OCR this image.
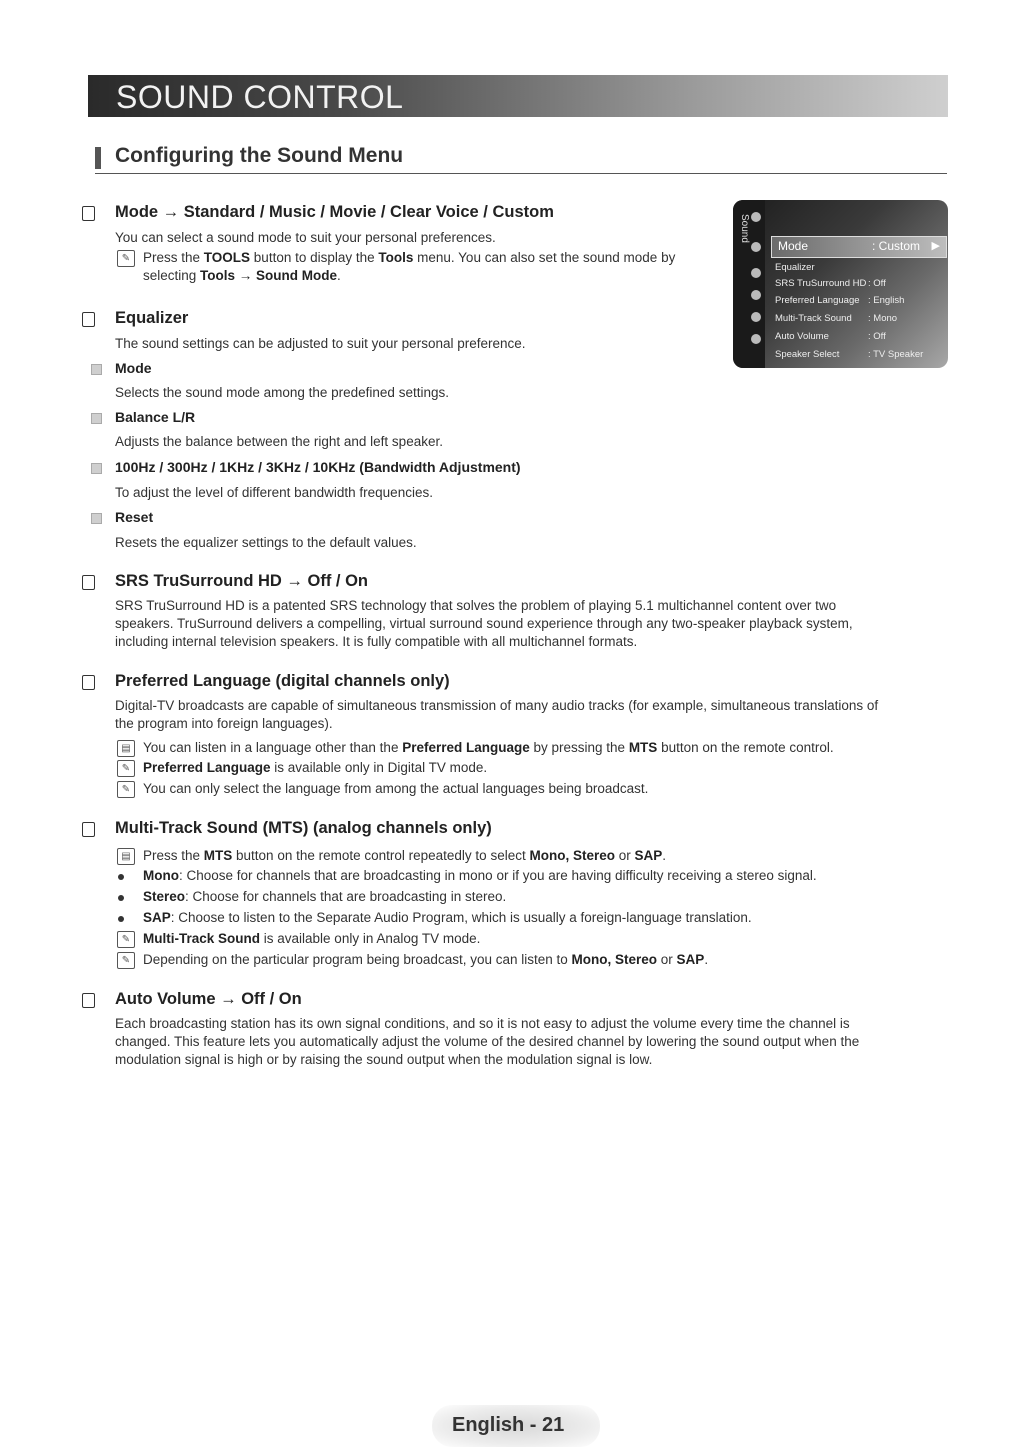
SOUND CONTROL
Configuring the Sound Menu
Mode → Standard / Music / Movie / Clear Voice / Custom
You can select a sound mode to suit your personal preferences.
✎ Press the TOOLS button to display the Tools menu. You can also set the sound mode by
selecting Tools → Sound Mode.
Equalizer
The sound settings can be adjusted to suit your personal preference.
Mode
Selects the sound mode among the predefined settings.
Balance L/R
Adjusts the balance between the right and left speaker.
100Hz / 300Hz / 1KHz / 3KHz / 10KHz (Bandwidth Adjustment)
To adjust the level of different bandwidth frequencies.
Reset
Resets the equalizer settings to the default values.
SRS TruSurround HD → Off / On
SRS TruSurround HD is a patented SRS technology that solves the problem of playing 5.1 multichannel content over two
speakers. TruSurround delivers a compelling, virtual surround sound experience through any two-speaker playback system,
including internal television speakers. It is fully compatible with all multichannel formats.
Preferred Language (digital channels only)
Digital-TV broadcasts are capable of simultaneous transmission of many audio tracks (for example, simultaneous translations of
the program into foreign languages).
▤ You can listen in a language other than the Preferred Language by pressing the MTS button on the remote control.
✎ Preferred Language is available only in Digital TV mode.
✎ You can only select the language from among the actual languages being broadcast.
Multi-Track Sound (MTS) (analog channels only)
▤ Press the MTS button on the remote control repeatedly to select Mono, Stereo or SAP.
Mono: Choose for channels that are broadcasting in mono or if you are having difficulty receiving a stereo signal.
Stereo: Choose for channels that are broadcasting in stereo.
SAP: Choose to listen to the Separate Audio Program, which is usually a foreign-language translation.
✎ Multi-Track Sound is available only in Analog TV mode.
✎ Depending on the particular program being broadcast, you can listen to Mono, Stereo or SAP.
Auto Volume → Off / On
Each broadcasting station has its own signal conditions, and so it is not easy to adjust the volume every time the channel is
changed. This feature lets you automatically adjust the volume of the desired channel by lowering the sound output when the
modulation signal is high or by raising the sound output when the modulation signal is low.
Sound
Mode	: Custom ▶
Equalizer
SRS TruSurround HD : Off
Preferred Language : English
Multi-Track Sound : Mono
Auto Volume	: Off
Speaker Select	: TV Speaker
English - 21
